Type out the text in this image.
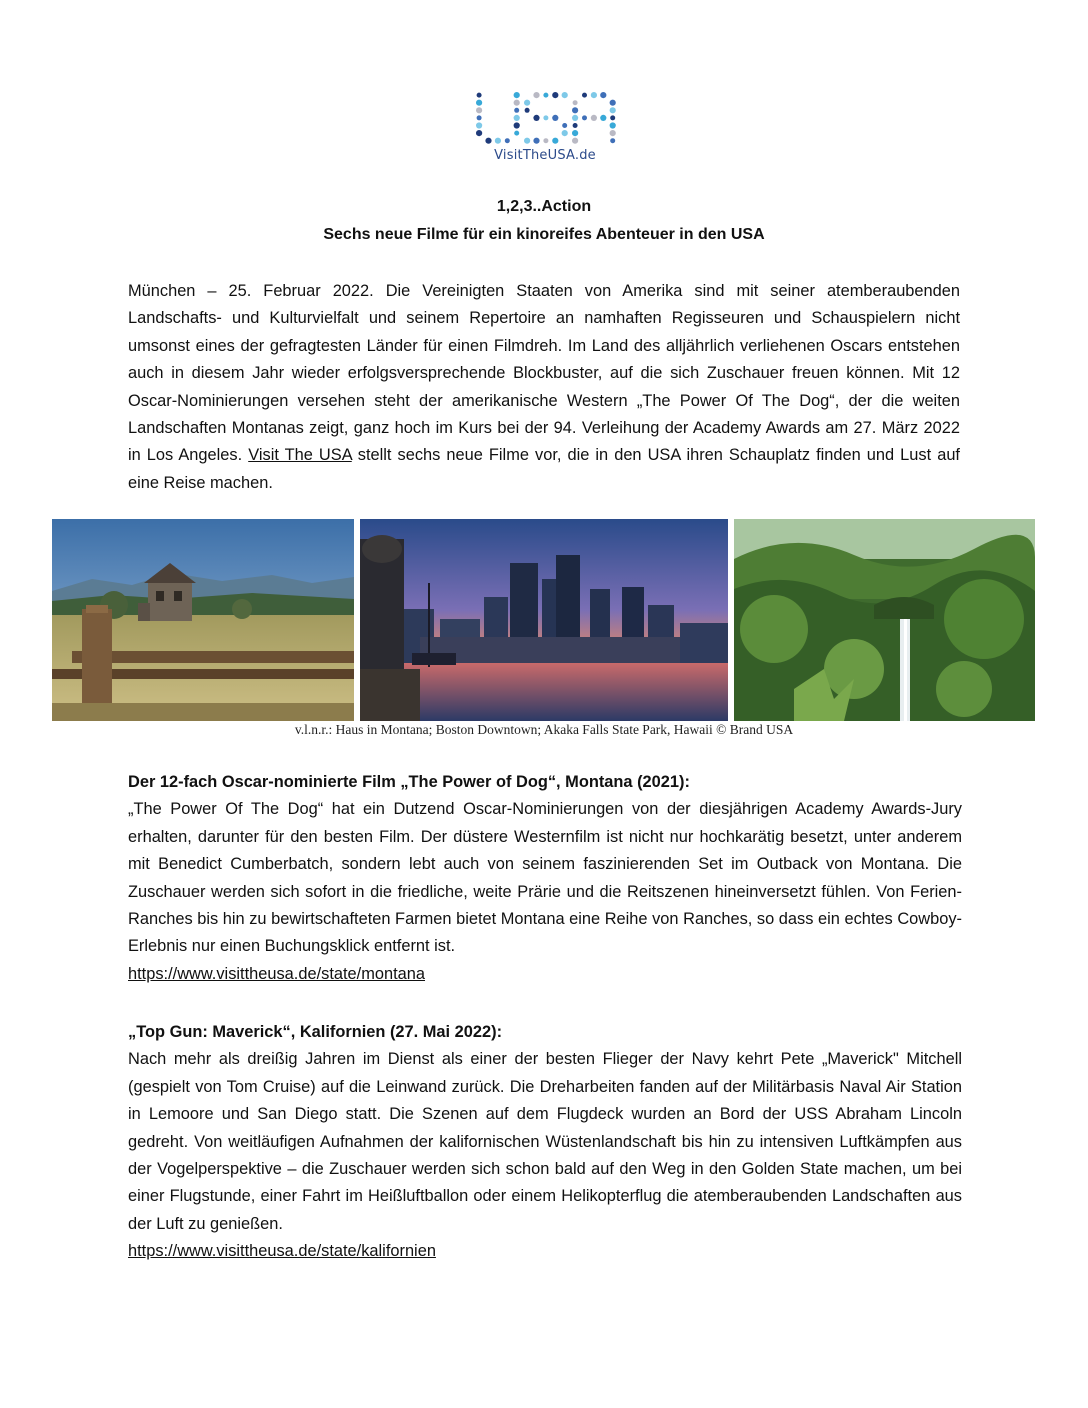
VisitTheUSA.de
1,2,3..Action
Sechs neue Filme für ein kinoreifes Abenteuer in den USA
München – 25. Februar 2022. Die Vereinigten Staaten von Amerika sind mit seiner atemberaubenden Landschafts- und Kulturvielfalt und seinem Repertoire an namhaften Regisseuren und Schauspielern nicht umsonst eines der gefragtesten Länder für einen Filmdreh. Im Land des alljährlich verliehenen Oscars entstehen auch in diesem Jahr wieder erfolgsversprechende Blockbuster, auf die sich Zuschauer freuen können. Mit 12 Oscar-Nominierungen versehen steht der amerikanische Western „The Power Of The Dog“, der die weiten Landschaften Montanas zeigt, ganz hoch im Kurs bei der 94. Verleihung der Academy Awards am 27. März 2022 in Los Angeles. Visit The USA stellt sechs neue Filme vor, die in den USA ihren Schauplatz finden und Lust auf eine Reise machen.
v.l.n.r.: Haus in Montana; Boston Downtown; Akaka Falls State Park, Hawaii © Brand USA
Der 12-fach Oscar-nominierte Film „The Power of Dog“, Montana (2021):

„The Power Of The Dog“ hat ein Dutzend Oscar-Nominierungen von der diesjährigen Academy Awards-Jury erhalten, darunter für den besten Film. Der düstere Westernfilm ist nicht nur hochkarätig besetzt, unter anderem mit Benedict Cumberbatch, sondern lebt auch von seinem faszinierenden Set im Outback von Montana. Die Zuschauer werden sich sofort in die friedliche, weite Prärie und die Reitszenen hineinversetzt fühlen. Von Ferien-Ranches bis hin zu bewirtschafteten Farmen bietet Montana eine Reihe von Ranches, so dass ein echtes Cowboy-Erlebnis nur einen Buchungsklick entfernt ist.

https://www.visittheusa.de/state/montana
„Top Gun: Maverick“, Kalifornien (27. Mai 2022):

Nach mehr als dreißig Jahren im Dienst als einer der besten Flieger der Navy kehrt Pete „Maverick" Mitchell (gespielt von Tom Cruise) auf die Leinwand zurück. Die Dreharbeiten fanden auf der Militärbasis Naval Air Station in Lemoore und San Diego statt. Die Szenen auf dem Flugdeck wurden an Bord der USS Abraham Lincoln gedreht. Von weitläufigen Aufnahmen der kalifornischen Wüstenlandschaft bis hin zu intensiven Luftkämpfen aus der Vogelperspektive – die Zuschauer werden sich schon bald auf den Weg in den Golden State machen, um bei einer Flugstunde, einer Fahrt im Heißluftballon oder einem Helikopterflug die atemberaubenden Landschaften aus der Luft zu genießen.

https://www.visittheusa.de/state/kalifornien
